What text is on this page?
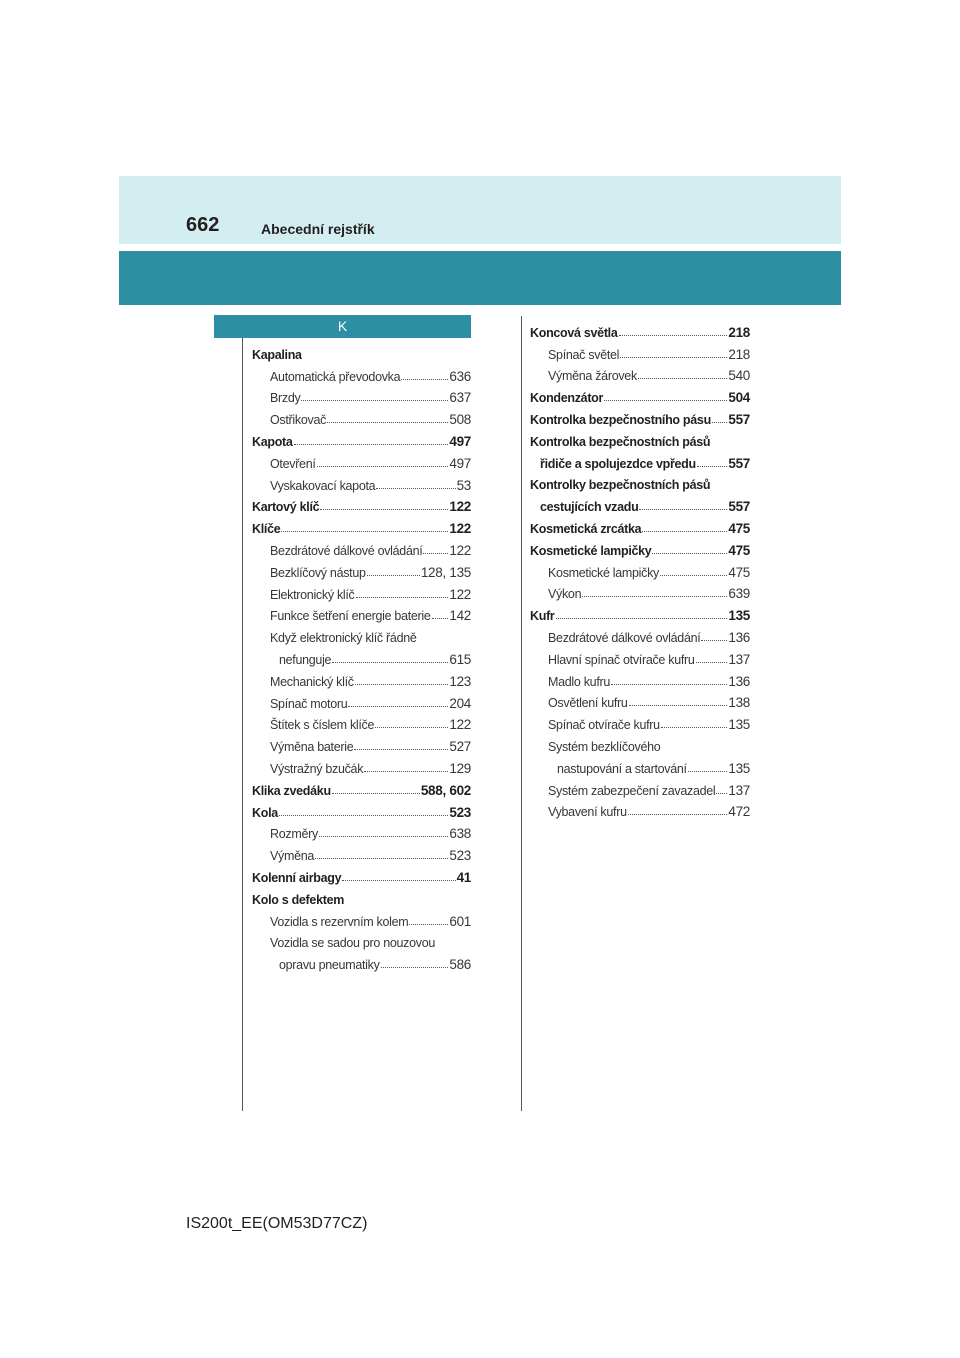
662	Abecední rejstřík
K
Kapalina
Automatická převodovka	636
Brzdy	637
Ostřikovač	508
Kapota	497
Otevření	497
Vyskakovací kapota	53
Kartový klíč	122
Klíče	122
Bezdrátové dálkové ovládání 122
Bezklíčový nástup	128, 135
Elektronický klíč	122
Funkce šetření energie baterie 142
Když elektronický klíč řádně
nefunguje	615
Mechanický klíč	123
Spínač motoru	204
Štítek s číslem klíče	122
Výměna baterie	527
Výstražný bzučák	129
Klika zvedáku	588, 602
Kola	523
Rozměry	638
Výměna	523
Kolenní airbagy	41
Kolo s defektem
Vozidla s rezervním kolem	601
Vozidla se sadou pro nouzovou
opravu pneumatiky	586
Koncová světla	218
Spínač světel	218
Výměna žárovek	540
Kondenzátor	504
Kontrolka bezpečnostního pásu 557
Kontrolka bezpečnostních pásů
řidiče a spolujezdce vpředu 557
Kontrolky bezpečnostních pásů
cestujících vzadu	557
Kosmetická zrcátka	475
Kosmetické lampičky	475
Kosmetické lampičky	475
Výkon	639
Kufr	135
Bezdrátové dálkové ovládání 136
Hlavní spínač otvírače kufru	137
Madlo kufru	136
Osvětlení kufru	138
Spínač otvírače kufru	135
Systém bezklíčového
nastupování a startování	135
Systém zabezpečení zavazadel 137
Vybavení kufru	472
IS200t_EE(OM53D77CZ)
